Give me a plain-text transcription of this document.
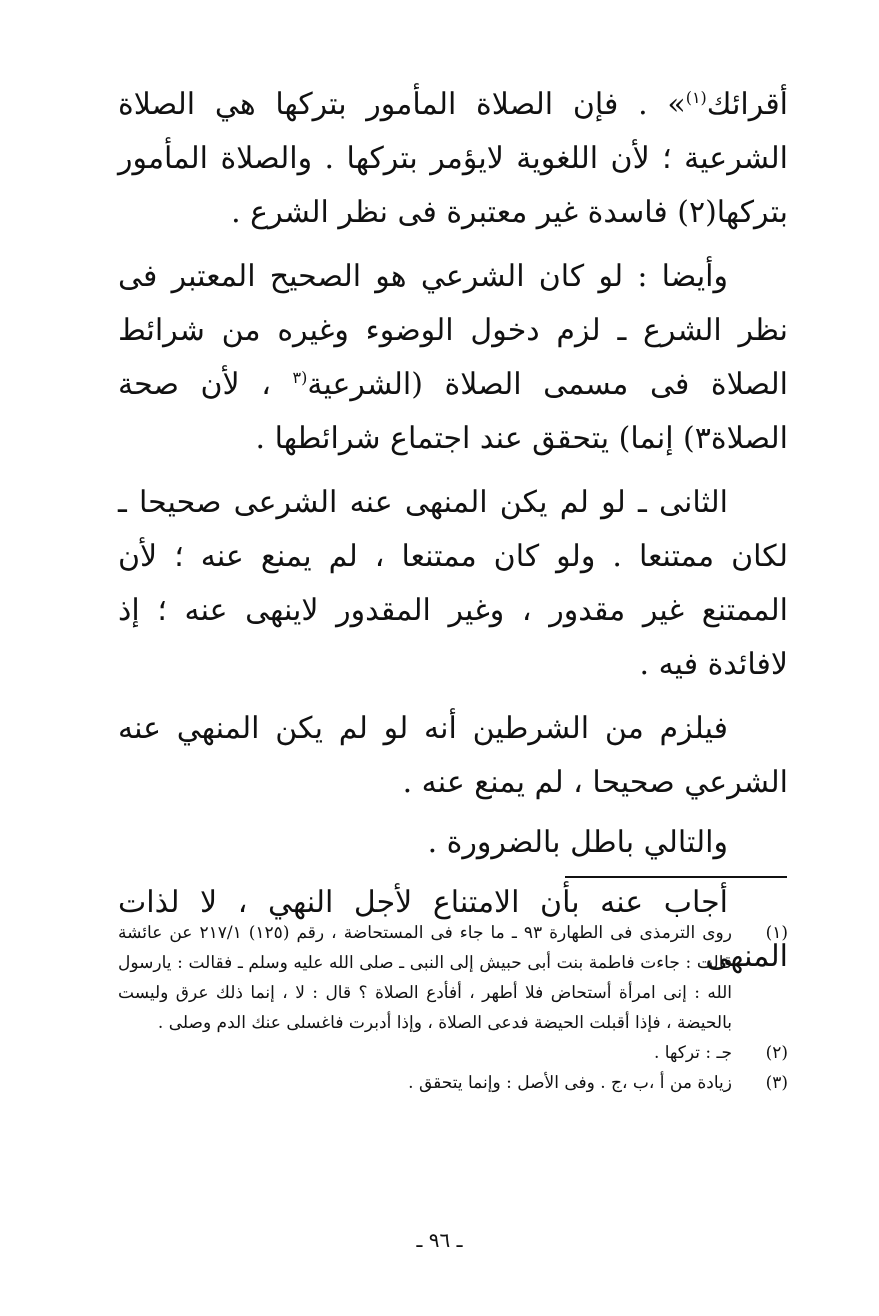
أقرائك$^{(١)}$» . فإن الصلاة المأمور بتركها هي الصلاة الشرعية ؛ لأن اللغوية لايؤمر بتركها . والصلاة المأمور بتركها(٢) فاسدة غير معتبرة فى نظر الشرع .

وأيضا : لو كان الشرعي هو الصحيح المعتبر فى نظر الشرع ـ لزم دخول الوضوء وغيره من شرائط الصلاة فى مسمى الصلاة (الشرعية$^{(٣}$ ، لأن صحة الصلاة٣) إنما) يتحقق عند اجتماع شرائطها .

الثانى ـ لو لم يكن المنهى عنه الشرعى صحيحا ـ لكان ممتنعا . ولو كان ممتنعا ، لم يمنع عنه ؛ لأن الممتنع غير مقدور ، وغير المقدور لاينهى عنه ؛ إذ لافائدة فيه .

فيلزم من الشرطين أنه لو لم يكن المنهي عنه الشرعي صحيحا ، لم يمنع عنه .

والتالي باطل بالضرورة .

أجاب عنه بأن الامتناع لأجل النهي ، لا لذات المنهى

(١)
روى الترمذى فى الطهارة ٩٣ ـ ما جاء فى المستحاضة ، رقم (١٢٥) ٢١٧/١ عن عائشة قالت : جاءت فاطمة بنت أبى حبيش إلى النبى ـ صلى الله عليه وسلم ـ فقالت : يارسول الله : إنى امرأة أستحاض فلا أطهر ، أفأدع الصلاة ؟ قال : لا ، إنما ذلك عرق وليست بالحيضة ، فإذا أقبلت الحيضة فدعى الصلاة ، وإذا أدبرت فاغسلى عنك الدم وصلى .
(٢)
جـ : تركها .
(٣)
زيادة من أ ،ب ،ج . وفى الأصل : وإنما يتحقق .
ـ ٩٦ ـ
